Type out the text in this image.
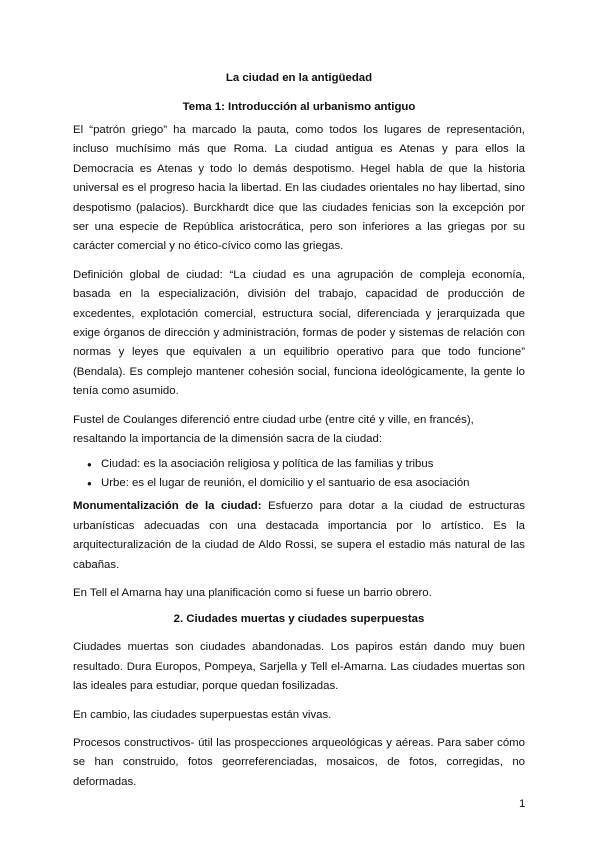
La ciudad en la antigüedad
Tema 1: Introducción al urbanismo antiguo

El “patrón griego” ha marcado la pauta, como todos los lugares de representación, incluso muchísimo más que Roma. La ciudad antigua es Atenas y para ellos la Democracia es Atenas y todo lo demás despotismo. Hegel habla de que la historia universal es el progreso hacia la libertad. En las ciudades orientales no hay libertad, sino despotismo (palacios). Burckhardt dice que las ciudades fenicias son la excepción por ser una especie de República aristocrática, pero son inferiores a las griegas por su carácter comercial y no ético-cívico como las griegas.

Definición global de ciudad: “La ciudad es una agrupación de compleja economía, basada en la especialización, división del trabajo, capacidad de producción de excedentes, explotación comercial, estructura social, diferenciada y jerarquizada que exige órganos de dirección y administración, formas de poder y sistemas de relación con normas y leyes que equivalen a un equilibrio operativo para que todo funcione” (Bendala). Es complejo mantener cohesión social, funciona ideológicamente, la gente lo tenía como asumido.

Fustel de Coulanges diferenció entre ciudad urbe (entre cité y ville, en francés), resaltando la importancia de la dimensión sacra de la ciudad:

● Ciudad: es la asociación religiosa y política de las familias y tribus
● Urbe: es el lugar de reunión, el domicilio y el santuario de esa asociación

Monumentalización de la ciudad: Esfuerzo para dotar a la ciudad de estructuras urbanísticas adecuadas con una destacada importancia por lo artístico. Es la arquitecturalización de la ciudad de Aldo Rossi, se supera el estadio más natural de las cabañas.

En Tell el Amarna hay una planificación como si fuese un barrio obrero.

2. Ciudades muertas y ciudades superpuestas

Ciudades muertas son ciudades abandonadas. Los papiros están dando muy buen resultado. Dura Europos, Pompeya, Sarjella y Tell el-Amarna. Las ciudades muertas son las ideales para estudiar, porque quedan fosilizadas.

En cambio, las ciudades superpuestas están vivas.

Procesos constructivos- útil las prospecciones arqueológicas y aéreas. Para saber cómo se han construido, fotos georreferenciadas, mosaicos, de fotos, corregidas, no deformadas.

1
